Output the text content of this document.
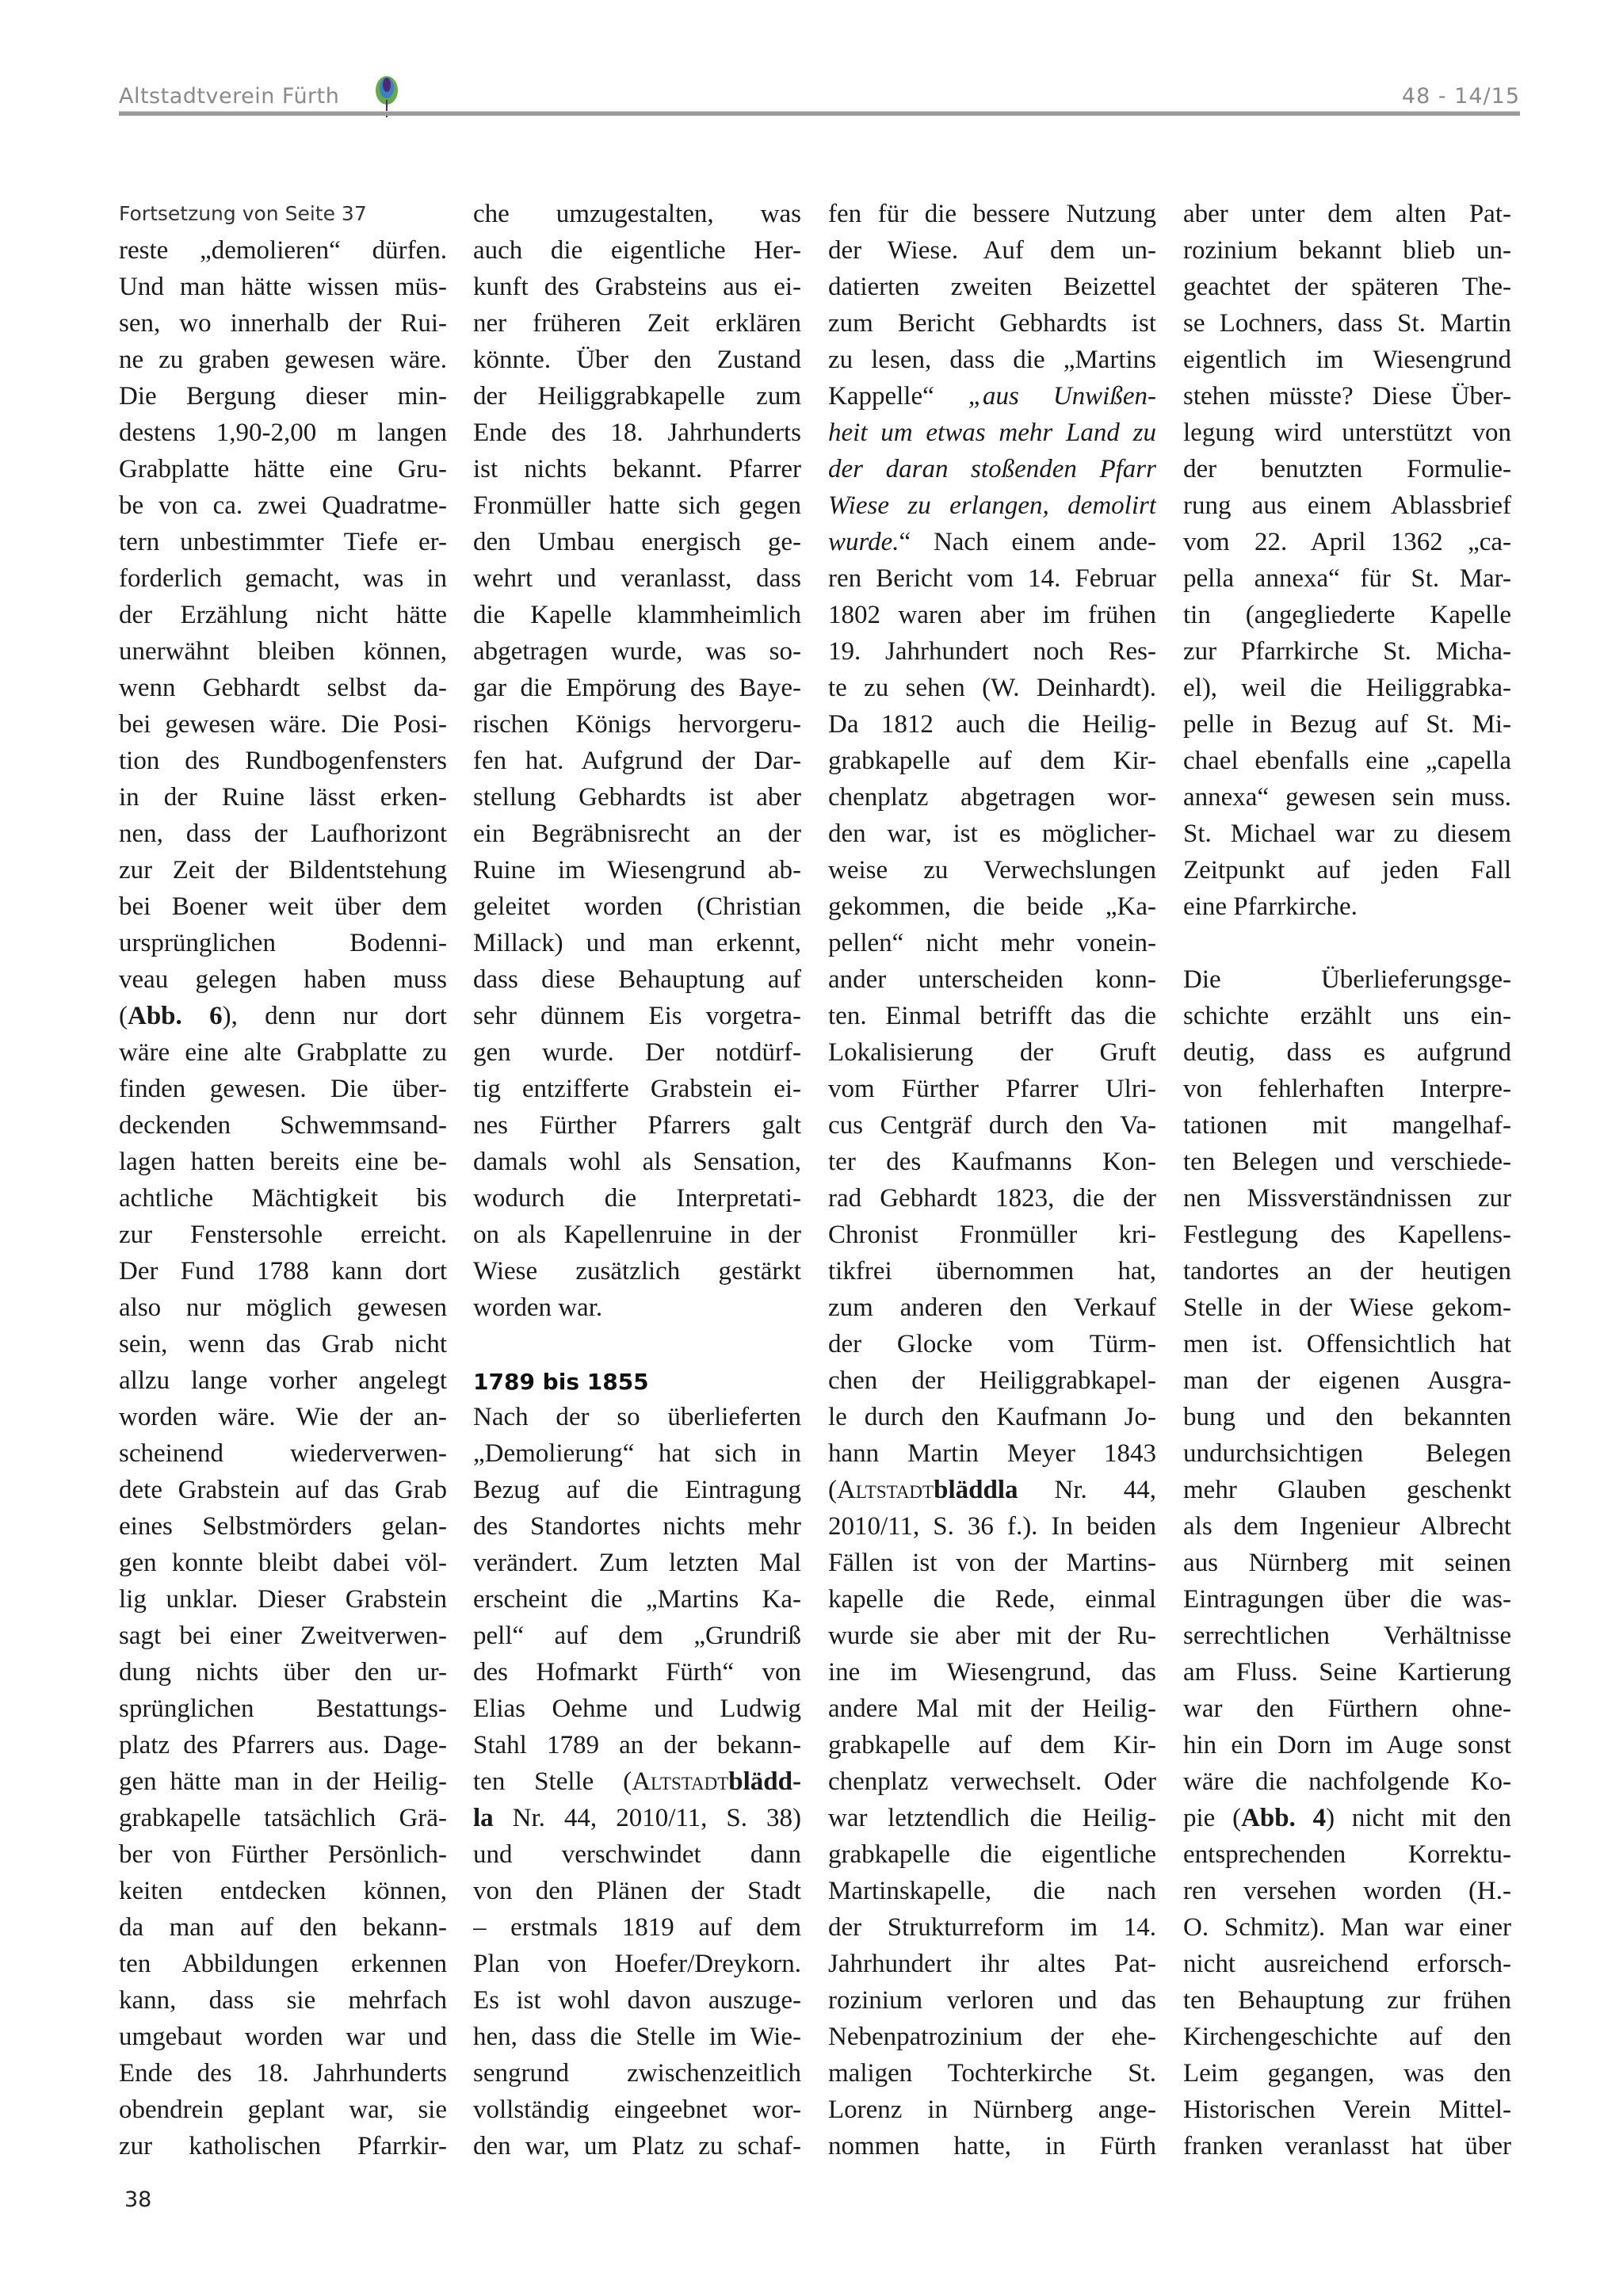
Altstadtverein Fürth	48 - 14/15
Fortsetzung von Seite 37
reste „demolieren“ dürfen.
Und man hätte wissen müs-
sen, wo innerhalb der Rui-
ne zu graben gewesen wäre.
Die Bergung dieser min-
destens 1,90-2,00 m langen
Grabplatte hätte eine Gru-
be von ca. zwei Quadratme-
tern unbestimmter Tiefe er-
forderlich gemacht, was in
der Erzählung nicht hätte
unerwähnt bleiben können,
wenn Gebhardt selbst da-
bei gewesen wäre. Die Posi-
tion des Rundbogenfensters
in der Ruine lässt erken-
nen, dass der Laufhorizont
zur Zeit der Bildentstehung
bei Boener weit über dem
ursprünglichen Bodenni-
veau gelegen haben muss
(Abb. 6), denn nur dort
wäre eine alte Grabplatte zu
finden gewesen. Die über-
deckenden Schwemmsand-
lagen hatten bereits eine be-
achtliche Mächtigkeit bis
zur Fenstersohle erreicht.
Der Fund 1788 kann dort
also nur möglich gewesen
sein, wenn das Grab nicht
allzu lange vorher angelegt
worden wäre. Wie der an-
scheinend wiederverwen-
dete Grabstein auf das Grab
eines Selbstmörders gelan-
gen konnte bleibt dabei völ-
lig unklar. Dieser Grabstein
sagt bei einer Zweitverwen-
dung nichts über den ur-
sprünglichen Bestattungs-
platz des Pfarrers aus. Dage-
gen hätte man in der Heilig-
grabkapelle tatsächlich Grä-
ber von Fürther Persönlich-
keiten entdecken können,
da man auf den bekann-
ten Abbildungen erkennen
kann, dass sie mehrfach
umgebaut worden war und
Ende des 18. Jahrhunderts
obendrein geplant war, sie
zur katholischen Pfarrkir-
che umzugestalten, was
auch die eigentliche Her-
kunft des Grabsteins aus ei-
ner früheren Zeit erklären
könnte. Über den Zustand
der Heiliggrabkapelle zum
Ende des 18. Jahrhunderts
ist nichts bekannt. Pfarrer
Fronmüller hatte sich gegen
den Umbau energisch ge-
wehrt und veranlasst, dass
die Kapelle klammheimlich
abgetragen wurde, was so-
gar die Empörung des Baye-
rischen Königs hervorgeru-
fen hat. Aufgrund der Dar-
stellung Gebhardts ist aber
ein Begräbnisrecht an der
Ruine im Wiesengrund ab-
geleitet worden (Christian
Millack) und man erkennt,
dass diese Behauptung auf
sehr dünnem Eis vorgetra-
gen wurde. Der notdürf-
tig entzifferte Grabstein ei-
nes Fürther Pfarrers galt
damals wohl als Sensation,
wodurch die Interpretati-
on als Kapellenruine in der
Wiese zusätzlich gestärkt
worden war.
1789 bis 1855
Nach der so überlieferten
„Demolierung“ hat sich in
Bezug auf die Eintragung
des Standortes nichts mehr
verändert. Zum letzten Mal
erscheint die „Martins Ka-
pell“ auf dem „Grundriß
des Hofmarkt Fürth“ von
Elias Oehme und Ludwig
Stahl 1789 an der bekann-
ten Stelle (Altstadtblädd-
la Nr. 44, 2010/11, S. 38)
und verschwindet dann
von den Plänen der Stadt
– erstmals 1819 auf dem
Plan von Hoefer/Dreykorn.
Es ist wohl davon auszuge-
hen, dass die Stelle im Wie-
sengrund zwischenzeitlich
vollständig eingeebnet wor-
den war, um Platz zu schaf-
fen für die bessere Nutzung
der Wiese. Auf dem un-
datierten zweiten Beizettel
zum Bericht Gebhardts ist
zu lesen, dass die „Martins
Kappelle“ „aus Unwißen-
heit um etwas mehr Land zu
der daran stoßenden Pfarr
Wiese zu erlangen, demolirt
wurde.“ Nach einem ande-
ren Bericht vom 14. Februar
1802 waren aber im frühen
19. Jahrhundert noch Res-
te zu sehen (W. Deinhardt).
Da 1812 auch die Heilig-
grabkapelle auf dem Kir-
chenplatz abgetragen wor-
den war, ist es möglicher-
weise zu Verwechslungen
gekommen, die beide „Ka-
pellen“ nicht mehr vonein-
ander unterscheiden konn-
ten. Einmal betrifft das die
Lokalisierung der Gruft
vom Fürther Pfarrer Ulri-
cus Centgräf durch den Va-
ter des Kaufmanns Kon-
rad Gebhardt 1823, die der
Chronist Fronmüller kri-
tikfrei übernommen hat,
zum anderen den Verkauf
der Glocke vom Türm-
chen der Heiliggrabkapel-
le durch den Kaufmann Jo-
hann Martin Meyer 1843
(Altstadtbläddla Nr. 44,
2010/11, S. 36 f.). In beiden
Fällen ist von der Martins-
kapelle die Rede, einmal
wurde sie aber mit der Ru-
ine im Wiesengrund, das
andere Mal mit der Heilig-
grabkapelle auf dem Kir-
chenplatz verwechselt. Oder
war letztendlich die Heilig-
grabkapelle die eigentliche
Martinskapelle, die nach
der Strukturreform im 14.
Jahrhundert ihr altes Pat-
rozinium verloren und das
Nebenpatrozinium der ehe-
maligen Tochterkirche St.
Lorenz in Nürnberg ange-
nommen hatte, in Fürth
aber unter dem alten Pat-
rozinium bekannt blieb un-
geachtet der späteren The-
se Lochners, dass St. Martin
eigentlich im Wiesengrund
stehen müsste? Diese Über-
legung wird unterstützt von
der benutzten Formulie-
rung aus einem Ablassbrief
vom 22. April 1362 „ca-
pella annexa“ für St. Mar-
tin (angegliederte Kapelle
zur Pfarrkirche St. Micha-
el), weil die Heiliggrabka-
pelle in Bezug auf St. Mi-
chael ebenfalls eine „capella
annexa“ gewesen sein muss.
St. Michael war zu diesem
Zeitpunkt auf jeden Fall
eine Pfarrkirche.
Die Überlieferungsge-
schichte erzählt uns ein-
deutig, dass es aufgrund
von fehlerhaften Interpre-
tationen mit mangelhaf-
ten Belegen und verschiede-
nen Missverständnissen zur
Festlegung des Kapellens-
tandortes an der heutigen
Stelle in der Wiese gekom-
men ist. Offensichtlich hat
man der eigenen Ausgra-
bung und den bekannten
undurchsichtigen Belegen
mehr Glauben geschenkt
als dem Ingenieur Albrecht
aus Nürnberg mit seinen
Eintragungen über die was-
serrechtlichen Verhältnisse
am Fluss. Seine Kartierung
war den Fürthern ohne-
hin ein Dorn im Auge sonst
wäre die nachfolgende Ko-
pie (Abb. 4) nicht mit den
entsprechenden Korrektu-
ren versehen worden (H.-
O. Schmitz). Man war einer
nicht ausreichend erforsch-
ten Behauptung zur frühen
Kirchengeschichte auf den
Leim gegangen, was den
Historischen Verein Mittel-
franken veranlasst hat über
38
